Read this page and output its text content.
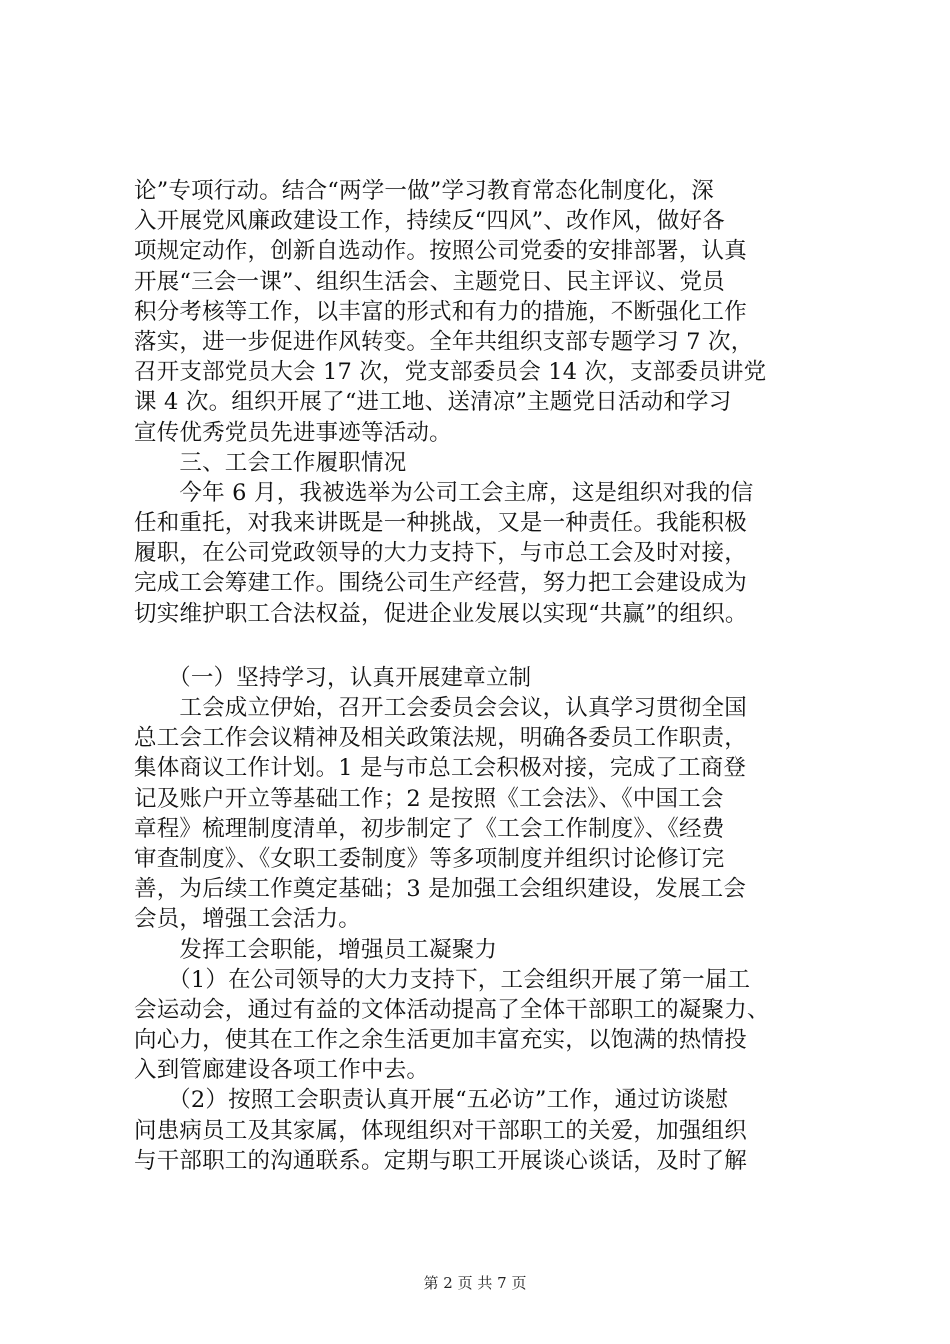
论”专项行动。结合“两学一做”学习教育常态化制度化，深
入开展党风廉政建设工作，持续反“四风”、改作风，做好各
项规定动作，创新自选动作。按照公司党委的安排部署，认真
开展“三会一课”、组织生活会、主题党日、民主评议、党员
积分考核等工作，以丰富的形式和有力的措施，不断强化工作
落实，进一步促进作风转变。全年共组织支部专题学习 7 次，
召开支部党员大会 17 次，党支部委员会 14 次，支部委员讲党
课 4 次。组织开展了“进工地、送清凉”主题党日活动和学习
宣传优秀党员先进事迹等活动。
　　三、工会工作履职情况
　　今年 6 月，我被选举为公司工会主席，这是组织对我的信
任和重托，对我来讲既是一种挑战，又是一种责任。我能积极
履职，在公司党政领导的大力支持下，与市总工会及时对接，
完成工会筹建工作。围绕公司生产经营，努力把工会建设成为
切实维护职工合法权益，促进企业发展以实现“共赢”的组织。
　　（一）坚持学习，认真开展建章立制
　　工会成立伊始，召开工会委员会会议，认真学习贯彻全国
总工会工作会议精神及相关政策法规，明确各委员工作职责，
集体商议工作计划。1 是与市总工会积极对接，完成了工商登
记及账户开立等基础工作；2 是按照《工会法》、《中国工会
章程》梳理制度清单，初步制定了《工会工作制度》、《经费
审查制度》、《女职工委制度》等多项制度并组织讨论修订完
善，为后续工作奠定基础；3 是加强工会组织建设，发展工会
会员，增强工会活力。
　　发挥工会职能，增强员工凝聚力
　　（1）在公司领导的大力支持下，工会组织开展了第一届工
会运动会，通过有益的文体活动提高了全体干部职工的凝聚力、
向心力，使其在工作之余生活更加丰富充实，以饱满的热情投
入到管廊建设各项工作中去。
　　（2）按照工会职责认真开展“五必访”工作，通过访谈慰
问患病员工及其家属，体现组织对干部职工的关爱，加强组织
与干部职工的沟通联系。定期与职工开展谈心谈话，及时了解
第 2 页 共 7 页
